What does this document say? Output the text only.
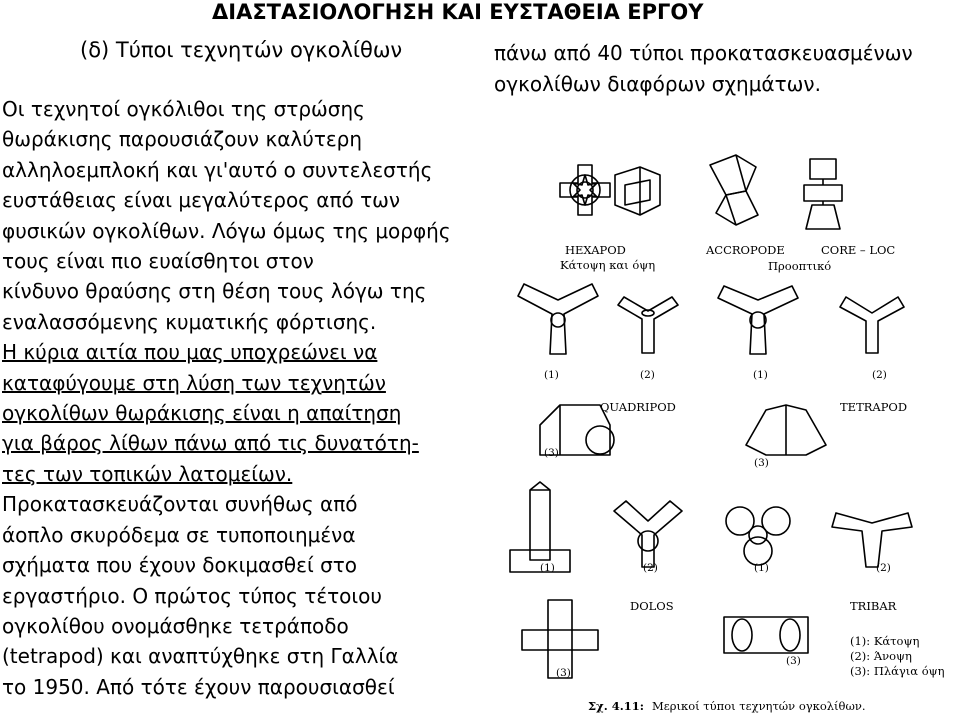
ΔΙΑΣΤΑΣΙΟΛΟΓΗΣΗ ΚΑΙ ΕΥΣΤΑΘΕΙΑ ΕΡΓΟΥ
(δ) Τύποι τεχνητών ογκολίθων	πάνω από 40 τύποι προκατασκευασμένων
ογκολίθων διαφόρων σχημάτων.
Οι τεχνητοί ογκόλιθοι της στρώσης
θωράκισης παρουσιάζουν καλύτερη
αλληλοεμπλοκή και γι'αυτό ο συντελεστής
ευστάθειας είναι μεγαλύτερος από των
φυσικών ογκολίθων. Λόγω όμως της μορφής
τους είναι πιο ευαίσθητοι στον
κίνδυνο θραύσης στη θέση τους λόγω της
εναλασσόμενης κυματικής φόρτισης.
Η κύρια αιτία που μας υποχρεώνει να
καταφύγουμε στη λύση των τεχνητών
ογκολίθων θωράκισης είναι η απαίτηση
για βάρος λίθων πάνω από τις δυνατότη-
τες των τοπικών λατομείων.
Προκατασκευάζονται συνήθως από
άοπλο σκυρόδεμα σε τυποποιημένα
σχήματα που έχουν δοκιμασθεί στο
εργαστήριο. Ο πρώτος τύπος τέτοιου
ογκολίθου ονομάσθηκε τετράποδο
(tetrapod) και αναπτύχθηκε στη Γαλλία
το 1950. Από τότε έχουν παρουσιασθεί
HEXAPOD
Κάτοψη και όψη
ACCROPODE	CORE – LOC
Προοπτικό
(1)	(2)	(1)	(2)
QUADRIPOD	TETRAPOD
(3)
(3)
(1)	(2)	(1)	(2)
DOLOS	TRIBAR
(3)
(3)
(1): Κάτοψη
(2): Άνοψη
(3): Πλάγια όψη
Σχ. 4.11: Μερικοί τύποι τεχνητών ογκολίθων.
